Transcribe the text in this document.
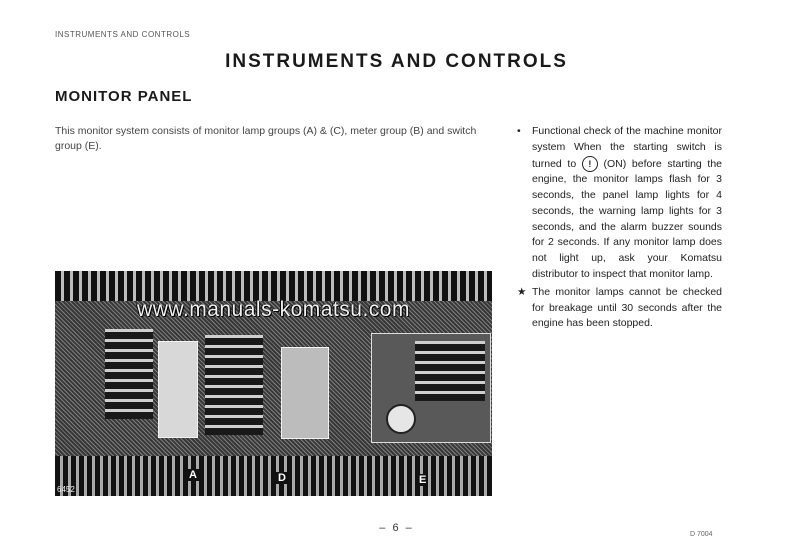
INSTRUMENTS AND CONTROLS
INSTRUMENTS AND CONTROLS
MONITOR PANEL
This monitor system consists of monitor lamp groups (A) & (C), meter group (B) and switch group (E).
• Functional check of the machine monitor system When the starting switch is turned to ! (ON) before starting the engine, the monitor lamps flash for 3 seconds, the panel lamp lights for 4 seconds, the warning lamp lights for 3 seconds, and the alarm buzzer sounds for 2 seconds. If any monitor lamp does not light up, ask your Komatsu distributor to inspect that monitor lamp.
★ The monitor lamps cannot be checked for breakage until 30 seconds after the engine has been stopped.
www.manuals-komatsu.com
A	D	E
6452
– 6 –
D 7004
